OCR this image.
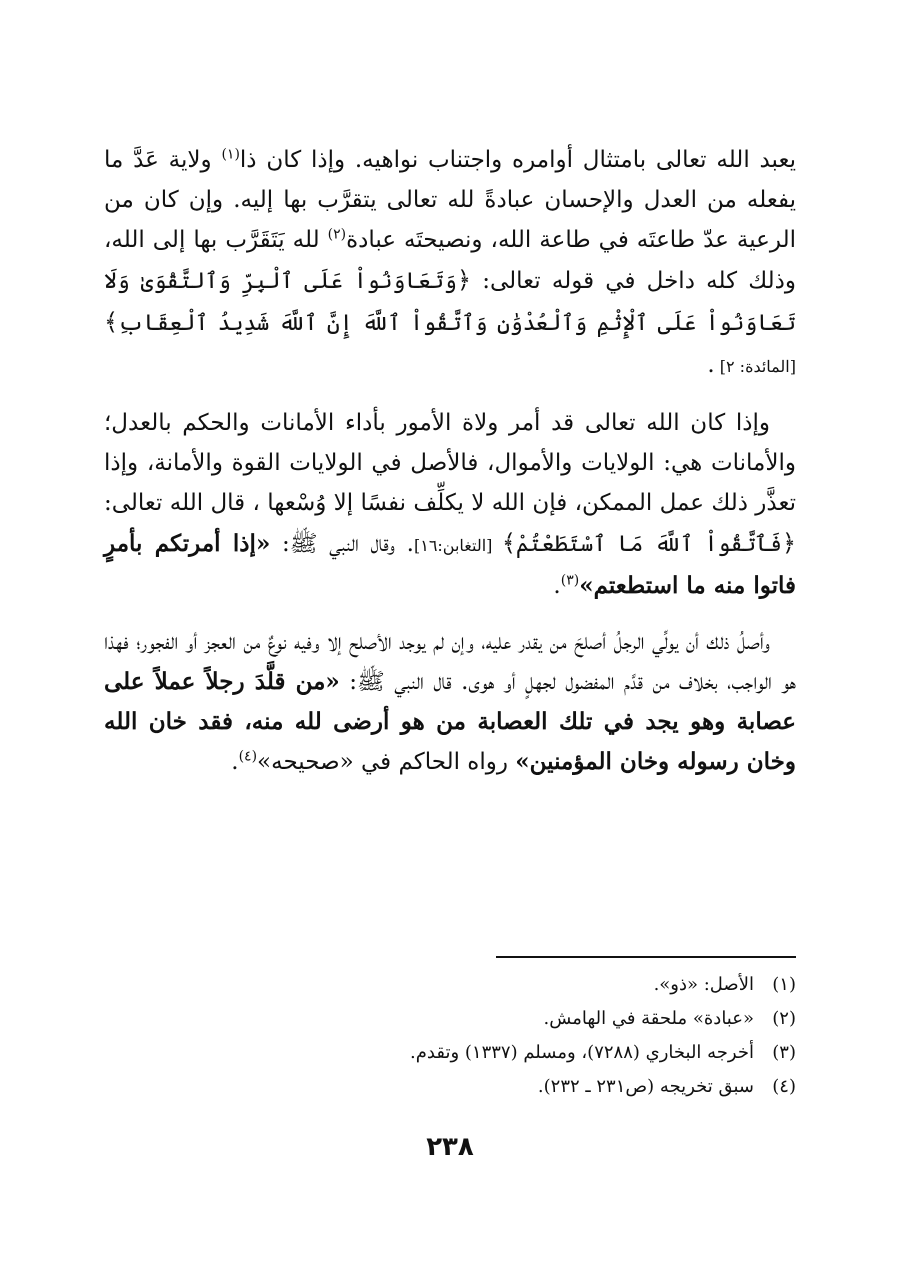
يعبد الله تعالى بامتثال أوامره واجتناب نواهيه. وإذا كان ذا$^{(١)}$ ولاية عَدَّ ما يفعله من العدل والإحسان عبادةً لله تعالى يتقرَّب بها إليه. وإن كان من الرعية عدّ طاعتَه في طاعة الله، ونصيحتَه عبادة$^{(٢)}$ لله يَتَقَرَّب بها إلى الله، وذلك كله داخل في قوله تعالى: ﴿وَتَعَاوَنُواْ عَلَى ٱلْبِرِّ وَٱلتَّقْوَىٰ وَلَا تَعَاوَنُواْ عَلَى ٱلْإِثْمِ وَٱلْعُدْوَٰنِ وَٱتَّقُواْ ٱللَّهَ إِنَّ ٱللَّهَ شَدِيدُ ٱلْعِقَابِ﴾ [المائدة: ٢] .

وإذا كان الله تعالى قد أمر ولاة الأمور بأداء الأمانات والحكم بالعدل؛ والأمانات هي: الولايات والأموال، فالأصل في الولايات القوة والأمانة، وإذا تعذَّر ذلك عمل الممكن، فإن الله لا يكلِّف نفسًا إلا وُسْعها ، قال الله تعالى: ﴿فَٱتَّقُواْ ٱللَّهَ مَا ٱسْتَطَعْتُمْ﴾ [التغابن:١٦]. وقال النبي ﷺ: «إذا أمرتكم بأمرٍ فاتوا منه ما استطعتم»$^{(٣)}$.

وأصلُ ذلك أن يولِّي الرجلُ أصلحَ من يقدر عليه، وإن لم يوجد الأصلح إلا وفيه نوعٌ من العجز أو الفجور؛ فهذا هو الواجب، بخلاف من قدَّم المفضول لجهلٍ أو هوى. قال النبي ﷺ: «من قلَّدَ رجلاً عملاً على عصابة وهو يجد في تلك العصابة من هو أرضى لله منه، فقد خان الله وخان رسوله وخان المؤمنين» رواه الحاكم في «صحيحه»$^{(٤)}$.

(١)
الأصل: «ذو».
(٢)
«عبادة» ملحقة في الهامش.
(٣)
أخرجه البخاري (٧٢٨٨)، ومسلم (١٣٣٧) وتقدم.
(٤)
سبق تخريجه (ص٢٣١ ـ ٢٣٢).
٢٣٨
